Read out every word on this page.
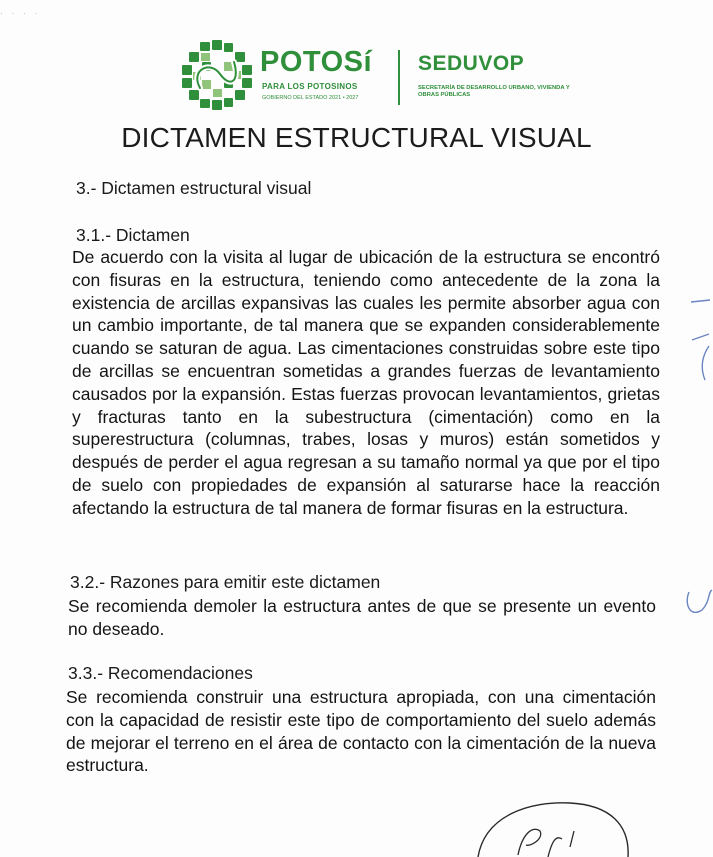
· · · ·
POTOSí
PARA LOS POTOSINOS
GOBIERNO DEL ESTADO 2021 • 2027
SEDUVOP
SECRETARÍA DE DESARROLLO URBANO, VIVIENDA Y OBRAS PÚBLICAS
DICTAMEN ESTRUCTURAL VISUAL
3.- Dictamen estructural visual
3.1.- Dictamen
De acuerdo con la visita al lugar de ubicación de la estructura se encontró con fisuras en la estructura, teniendo como antecedente de la zona la existencia de arcillas expansivas las cuales les permite absorber agua con un cambio importante, de tal manera que se expanden considerablemente cuando se saturan de agua. Las cimentaciones construidas sobre este tipo de arcillas se encuentran sometidas a grandes fuerzas de levantamiento causados por la expansión. Estas fuerzas provocan levantamientos, grietas y fracturas tanto en la subestructura (cimentación) como en la superestructura (columnas, trabes, losas y muros) están sometidos y después de perder el agua regresan a su tamaño normal ya que por el tipo de suelo con propiedades de expansión al saturarse hace la reacción afectando la estructura de tal manera de formar fisuras en la estructura.
3.2.- Razones para emitir este dictamen
Se recomienda demoler la estructura antes de que se presente un evento no deseado.
3.3.- Recomendaciones
Se recomienda construir una estructura apropiada, con una cimentación con la capacidad de resistir este tipo de comportamiento del suelo además de mejorar el terreno en el área de contacto con la cimentación de la nueva estructura.
